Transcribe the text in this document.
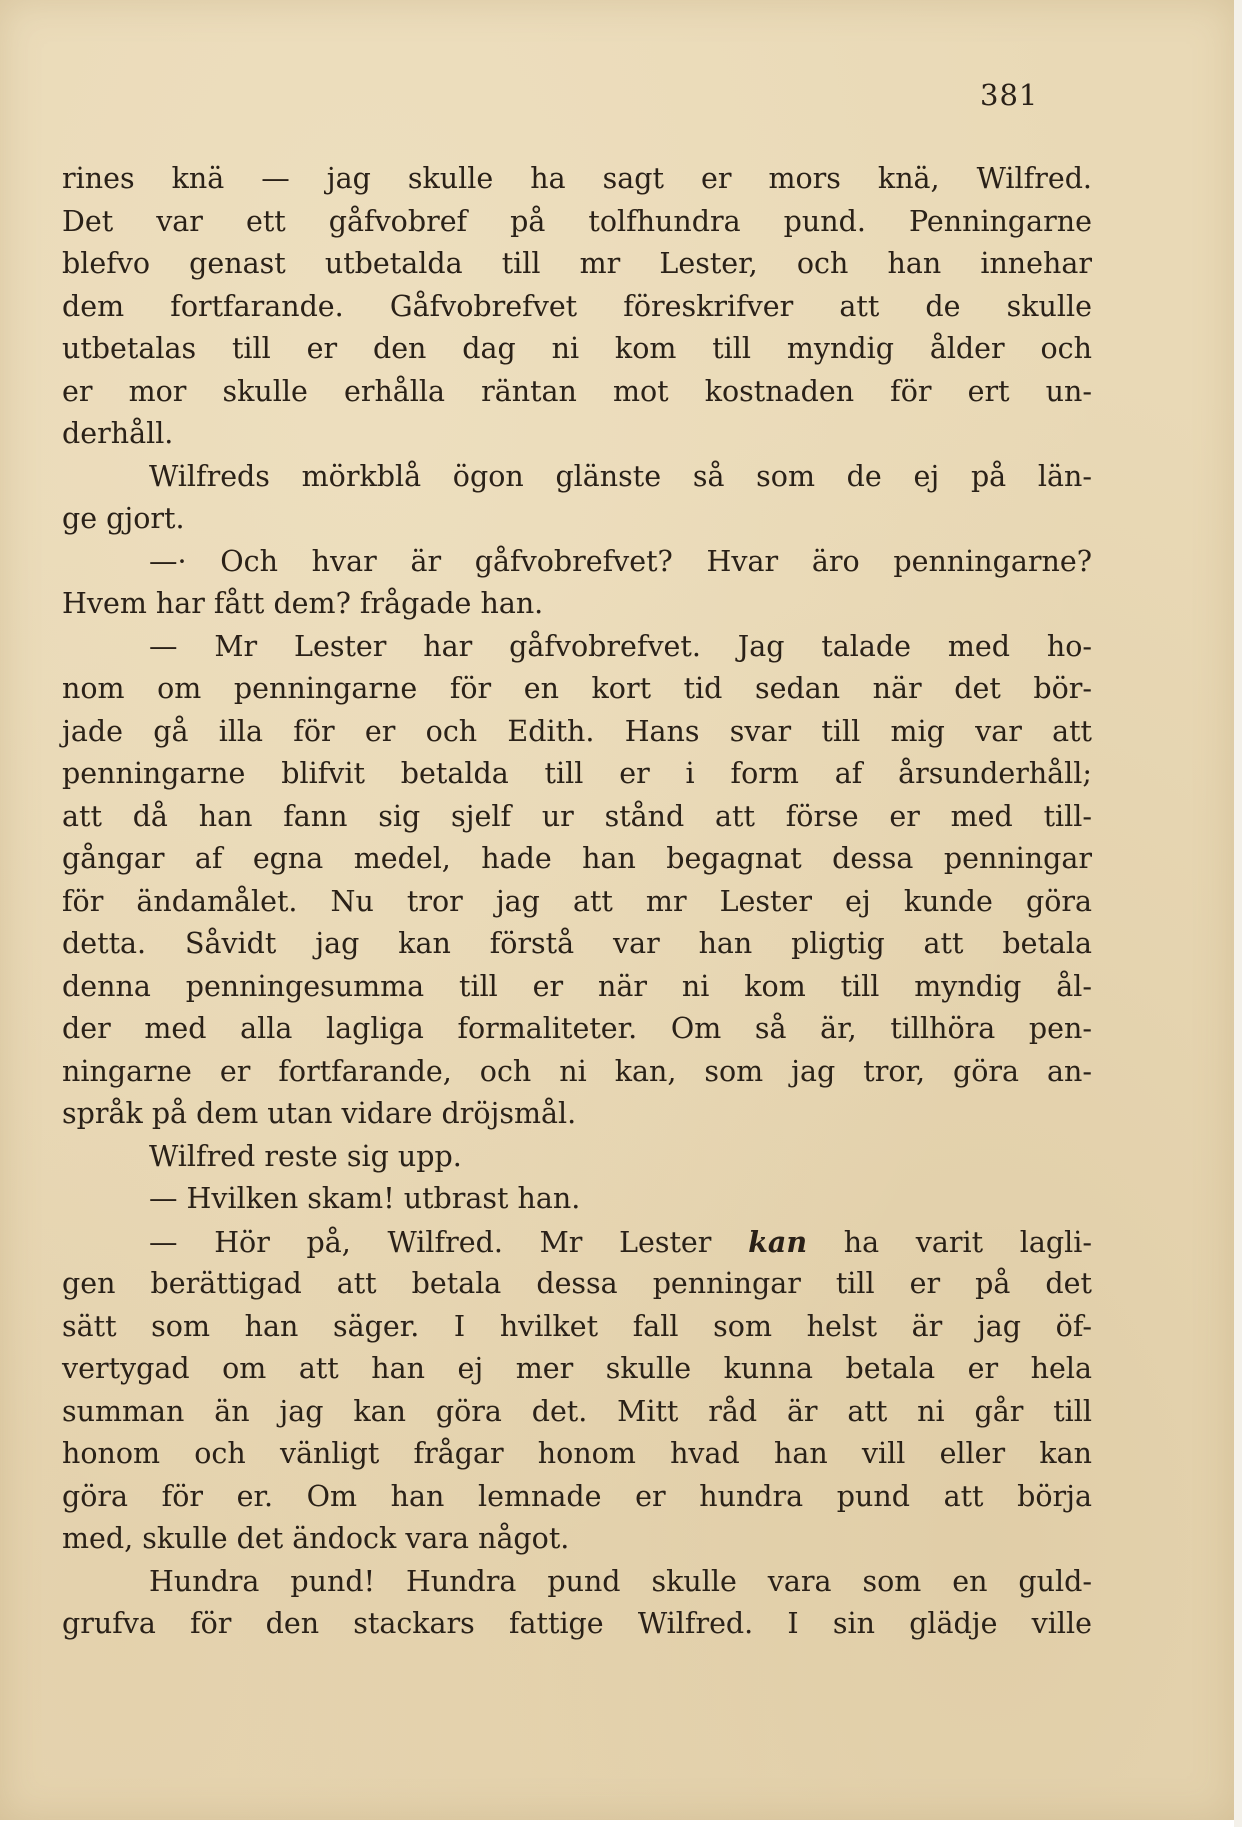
381
rines knä — jag skulle ha sagt er mors knä, Wilfred.
Det var ett gåfvobref på tolfhundra pund. Penningarne
blefvo genast utbetalda till mr Lester, och han innehar
dem fortfarande. Gåfvobrefvet föreskrifver att de skulle
utbetalas till er den dag ni kom till myndig ålder och
er mor skulle erhålla räntan mot kostnaden för ert un-
derhåll.
Wilfreds mörkblå ögon glänste så som de ej på län-
ge gjort.
—· Och hvar är gåfvobrefvet? Hvar äro penningarne?
Hvem har fått dem? frågade han.
— Mr Lester har gåfvobrefvet. Jag talade med ho-
nom om penningarne för en kort tid sedan när det bör-
jade gå illa för er och Edith. Hans svar till mig var att
penningarne blifvit betalda till er i form af årsunderhåll;
att då han fann sig sjelf ur stånd att förse er med till-
gångar af egna medel, hade han begagnat dessa penningar
för ändamålet. Nu tror jag att mr Lester ej kunde göra
detta. Såvidt jag kan förstå var han pligtig att betala
denna penningesumma till er när ni kom till myndig ål-
der med alla lagliga formaliteter. Om så är, tillhöra pen-
ningarne er fortfarande, och ni kan, som jag tror, göra an-
språk på dem utan vidare dröjsmål.
Wilfred reste sig upp.
— Hvilken skam! utbrast han.
— Hör på, Wilfred. Mr Lester kan ha varit lagli-
gen berättigad att betala dessa penningar till er på det
sätt som han säger. I hvilket fall som helst är jag öf-
vertygad om att han ej mer skulle kunna betala er hela
summan än jag kan göra det. Mitt råd är att ni går till
honom och vänligt frågar honom hvad han vill eller kan
göra för er. Om han lemnade er hundra pund att börja
med, skulle det ändock vara något.
Hundra pund! Hundra pund skulle vara som en guld-
grufva för den stackars fattige Wilfred. I sin glädje ville
